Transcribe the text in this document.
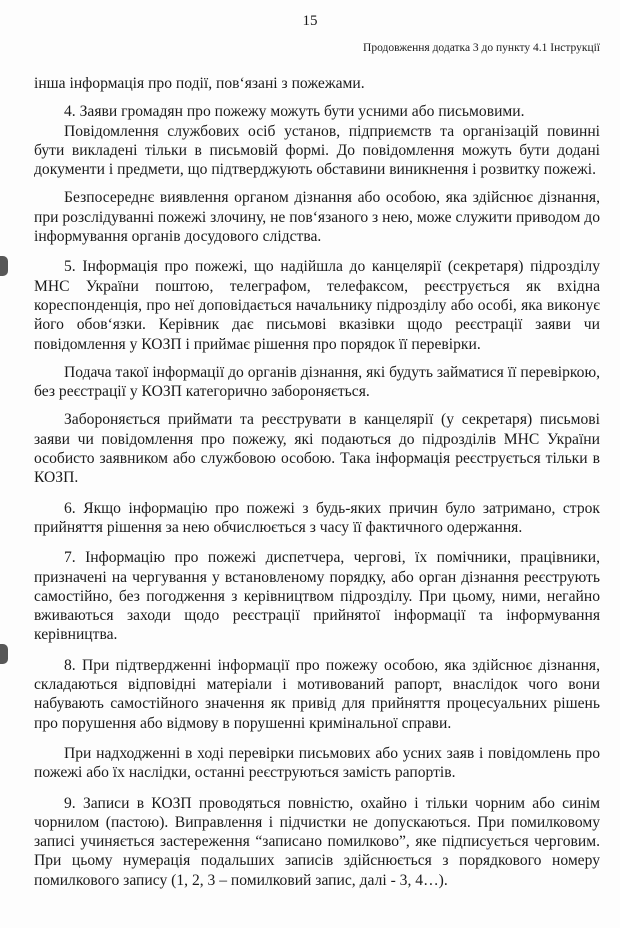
15
Продовження додатка 3 до пункту 4.1 Інструкції

інша інформація про події, пов‘язані з пожежами.

4. Заяви громадян про пожежу можуть бути усними або письмовими.

Повідомлення службових осіб установ, підприємств та організацій повинні бути викладені тільки в письмовій формі. До повідомлення можуть бути додані документи і предмети, що підтверджують обставини виникнення і розвитку пожежі.

Безпосереднє виявлення органом дізнання або особою, яка здійснює дізнання, при розслідуванні пожежі злочину, не пов‘язаного з нею, може служити приводом до інформування органів досудового слідства.

5. Інформація про пожежі, що надійшла до канцелярії (секретаря) підрозділу МНС України поштою, телеграфом, телефаксом, реєструється як вхідна кореспонденція, про неї доповідається начальнику підрозділу або особі, яка виконує його обов‘язки. Керівник дає письмові вказівки щодо реєстрації заяви чи повідомлення у КОЗП і приймає рішення про порядок її перевірки.

Подача такої інформації до органів дізнання, які будуть займатися її перевіркою, без реєстрації у КОЗП категорично забороняється.

Забороняється приймати та реєструвати в канцелярії (у секретаря) письмові заяви чи повідомлення про пожежу, які подаються до підрозділів МНС України особисто заявником або службовою особою. Така інформація реєструється тільки в КОЗП.

6. Якщо інформацію про пожежі з будь-яких причин було затримано, строк прийняття рішення за нею обчислюється з часу її фактичного одержання.

7. Інформацію про пожежі диспетчера, чергові, їх помічники, працівники, призначені на чергування у встановленому порядку, або орган дізнання реєструють самостійно, без погодження з керівництвом підрозділу. При цьому, ними, негайно вживаються заходи щодо реєстрації прийнятої інформації та інформування керівництва.

8. При підтвердженні інформації про пожежу особою, яка здійснює дізнання, складаються відповідні матеріали і мотивований рапорт, внаслідок чого вони набувають самостійного значення як привід для прийняття процесуальних рішень про порушення або відмову в порушенні кримінальної справи.

При надходженні в ході перевірки письмових або усних заяв і повідомлень про пожежі або їх наслідки, останні реєструються замість рапортів.

9. Записи в КОЗП проводяться повністю, охайно і тільки чорним або синім чорнилом (пастою). Виправлення і підчистки не допускаються. При помилковому записі учиняється застереження “записано помилково”, яке підписується черговим. При цьому нумерація подальших записів здійснюється з порядкового номеру помилкового запису (1, 2, 3 – помилковий запис, далі - 3, 4…).
